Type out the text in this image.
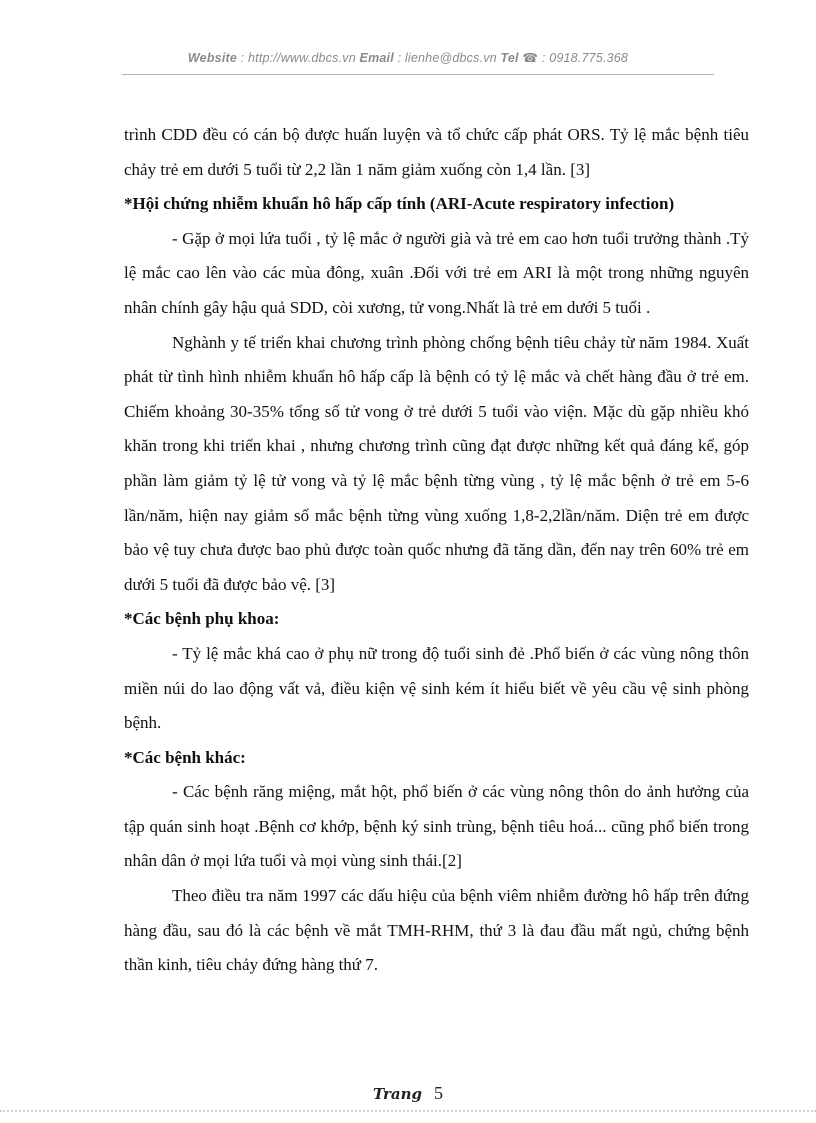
Website : http://www.dbcs.vn Email : lienhe@dbcs.vn Tel ☎ : 0918.775.368

trình CDD đều có cán bộ được huấn luyện và tổ chức cấp phát ORS. Tỷ lệ mắc bệnh tiêu chảy trẻ em dưới 5 tuổi từ 2,2 lần 1 năm giảm xuống còn 1,4 lần. [3]

*Hội chứng nhiễm khuẩn hô hấp cấp tính (ARI-Acute respiratory infection)

- Gặp ở mọi lứa tuổi , tỷ lệ mắc ở người già và trẻ em cao hơn tuổi trưởng thành .Tỷ lệ mắc cao lên vào các mùa đông, xuân .Đối với trẻ em ARI là một trong những nguyên nhân chính gây hậu quả SDD, còi xương, tử vong.Nhất là trẻ em dưới 5 tuổi .

Nghành y tế triển khai chương trình phòng chống bệnh tiêu chảy từ năm 1984. Xuất phát từ tình hình nhiễm khuẩn hô hấp cấp là bệnh có tỷ lệ mắc và chết hàng đầu ở trẻ em. Chiếm khoảng 30-35% tổng số tử vong ở trẻ dưới 5 tuổi vào viện. Mặc dù gặp nhiều khó khăn trong khi triển khai , nhưng chương trình cũng đạt được những kết quả đáng kể, góp phần làm giảm tỷ lệ tử vong và tỷ lệ mắc bệnh từng vùng , tỷ lệ mắc bệnh ở trẻ em 5-6 lần/năm, hiện nay giảm số mắc bệnh từng vùng xuống 1,8-2,2lần/năm. Diện trẻ em được bảo vệ tuy chưa được bao phủ được toàn quốc nhưng đã tăng dần, đến nay trên 60% trẻ em dưới 5 tuổi đã được bảo vệ. [3]

*Các bệnh phụ khoa:

- Tỷ lệ mắc khá cao ở phụ nữ trong độ tuổi sinh đẻ .Phổ biến ở các vùng nông thôn miền núi do lao động vất vả, điều kiện vệ sinh kém ít hiểu biết về yêu cầu vệ sinh phòng bệnh.

*Các bệnh khác:

- Các bệnh răng miệng, mắt hột, phổ biến ở các vùng nông thôn do ảnh hưởng của tập quán sinh hoạt .Bệnh cơ khớp, bệnh ký sinh trùng, bệnh tiêu hoá... cũng phổ biến trong nhân dân ở mọi lứa tuổi và mọi vùng sinh thái.[2]

Theo điều tra năm 1997 các dấu hiệu của bệnh viêm nhiễm đường hô hấp trên đứng hàng đầu, sau đó là các bệnh về mắt TMH-RHM, thứ 3 là đau đầu mất ngủ, chứng bệnh thần kinh, tiêu chảy đứng hàng thứ 7.

Trang 5
